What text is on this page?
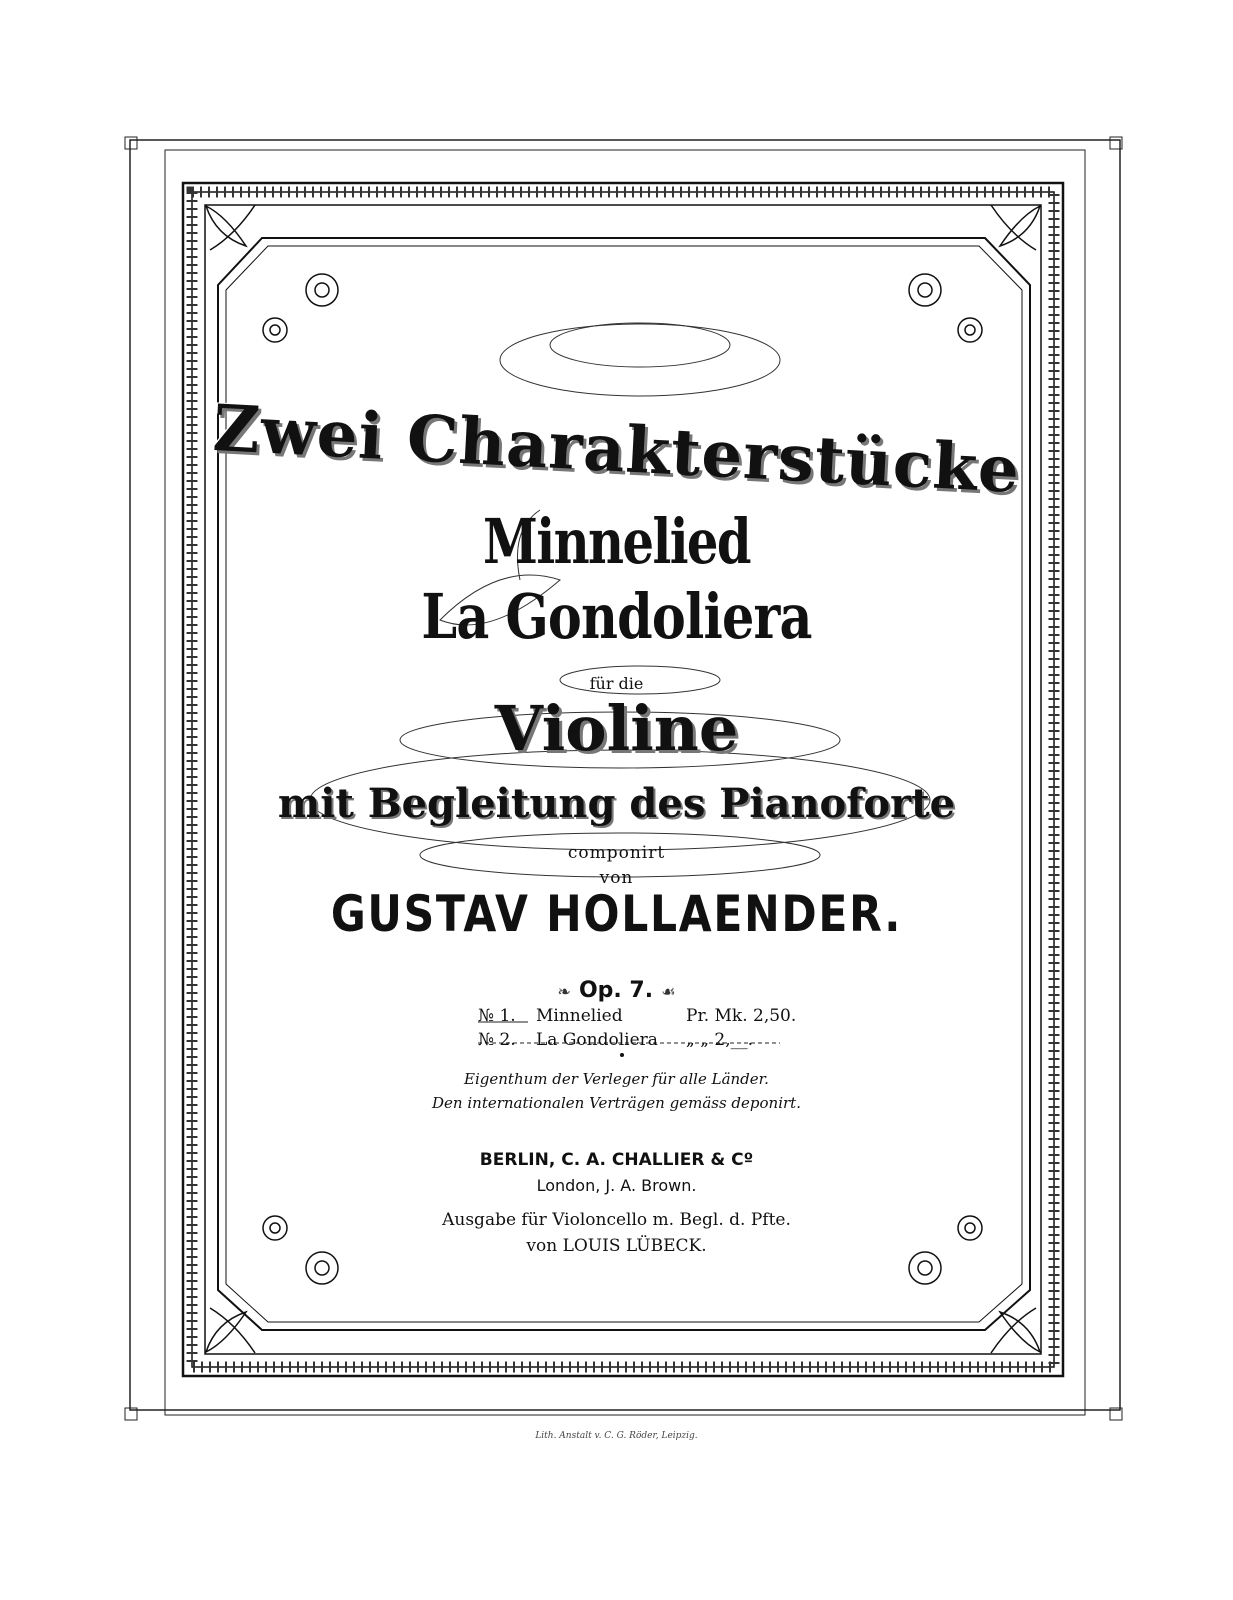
Zwei Charakterstücke
Minnelied
La Gondoliera
für die
Violine
mit Begleitung des Pianoforte
componirt
von
GUSTAV HOLLAENDER.
❧ Op. 7. ☙
№ 1. Minnelied	Pr. Mk. 2,50.
№ 2. La Gondoliera „ „ 2,__.
Eigenthum der Verleger für alle Länder.
Den internationalen Verträgen gemäss deponirt.
BERLIN, C. A. CHALLIER & Cº
London, J. A. Brown.
Ausgabe für Violoncello m. Begl. d. Pfte.
von LOUIS LÜBECK.
Lith. Anstalt v. C. G. Röder, Leipzig.
